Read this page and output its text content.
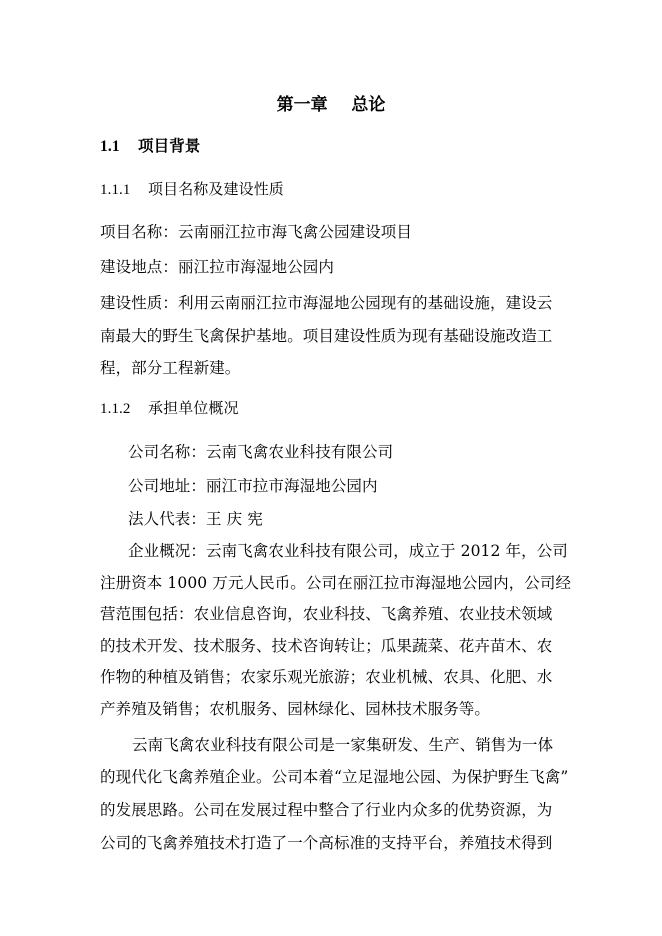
第一章    总论
1.1 项目背景
1.1.1 项目名称及建设性质
项目名称：云南丽江拉市海飞禽公园建设项目
建设地点：丽江拉市海湿地公园内
建设性质：利用云南丽江拉市海湿地公园现有的基础设施，建设云
南最大的野生飞禽保护基地。项目建设性质为现有基础设施改造工
程，部分工程新建。
1.1.2 承担单位概况
公司名称：云南飞禽农业科技有限公司
公司地址：丽江市拉市海湿地公园内
法人代表：王 庆 宪
企业概况：云南飞禽农业科技有限公司，成立于 2012 年，公司
注册资本 1000 万元人民币。公司在丽江拉市海湿地公园内，公司经
营范围包括：农业信息咨询，农业科技、飞禽养殖、农业技术领域
的技术开发、技术服务、技术咨询转让；瓜果蔬菜、花卉苗木、农
作物的种植及销售；农家乐观光旅游；农业机械、农具、化肥、水
产养殖及销售；农机服务、园林绿化、园林技术服务等。
云南飞禽农业科技有限公司是一家集研发、生产、销售为一体
的现代化飞禽养殖企业。公司本着“立足湿地公园、为保护野生飞禽”
的发展思路。公司在发展过程中整合了行业内众多的优势资源，为
公司的飞禽养殖技术打造了一个高标准的支持平台，养殖技术得到
